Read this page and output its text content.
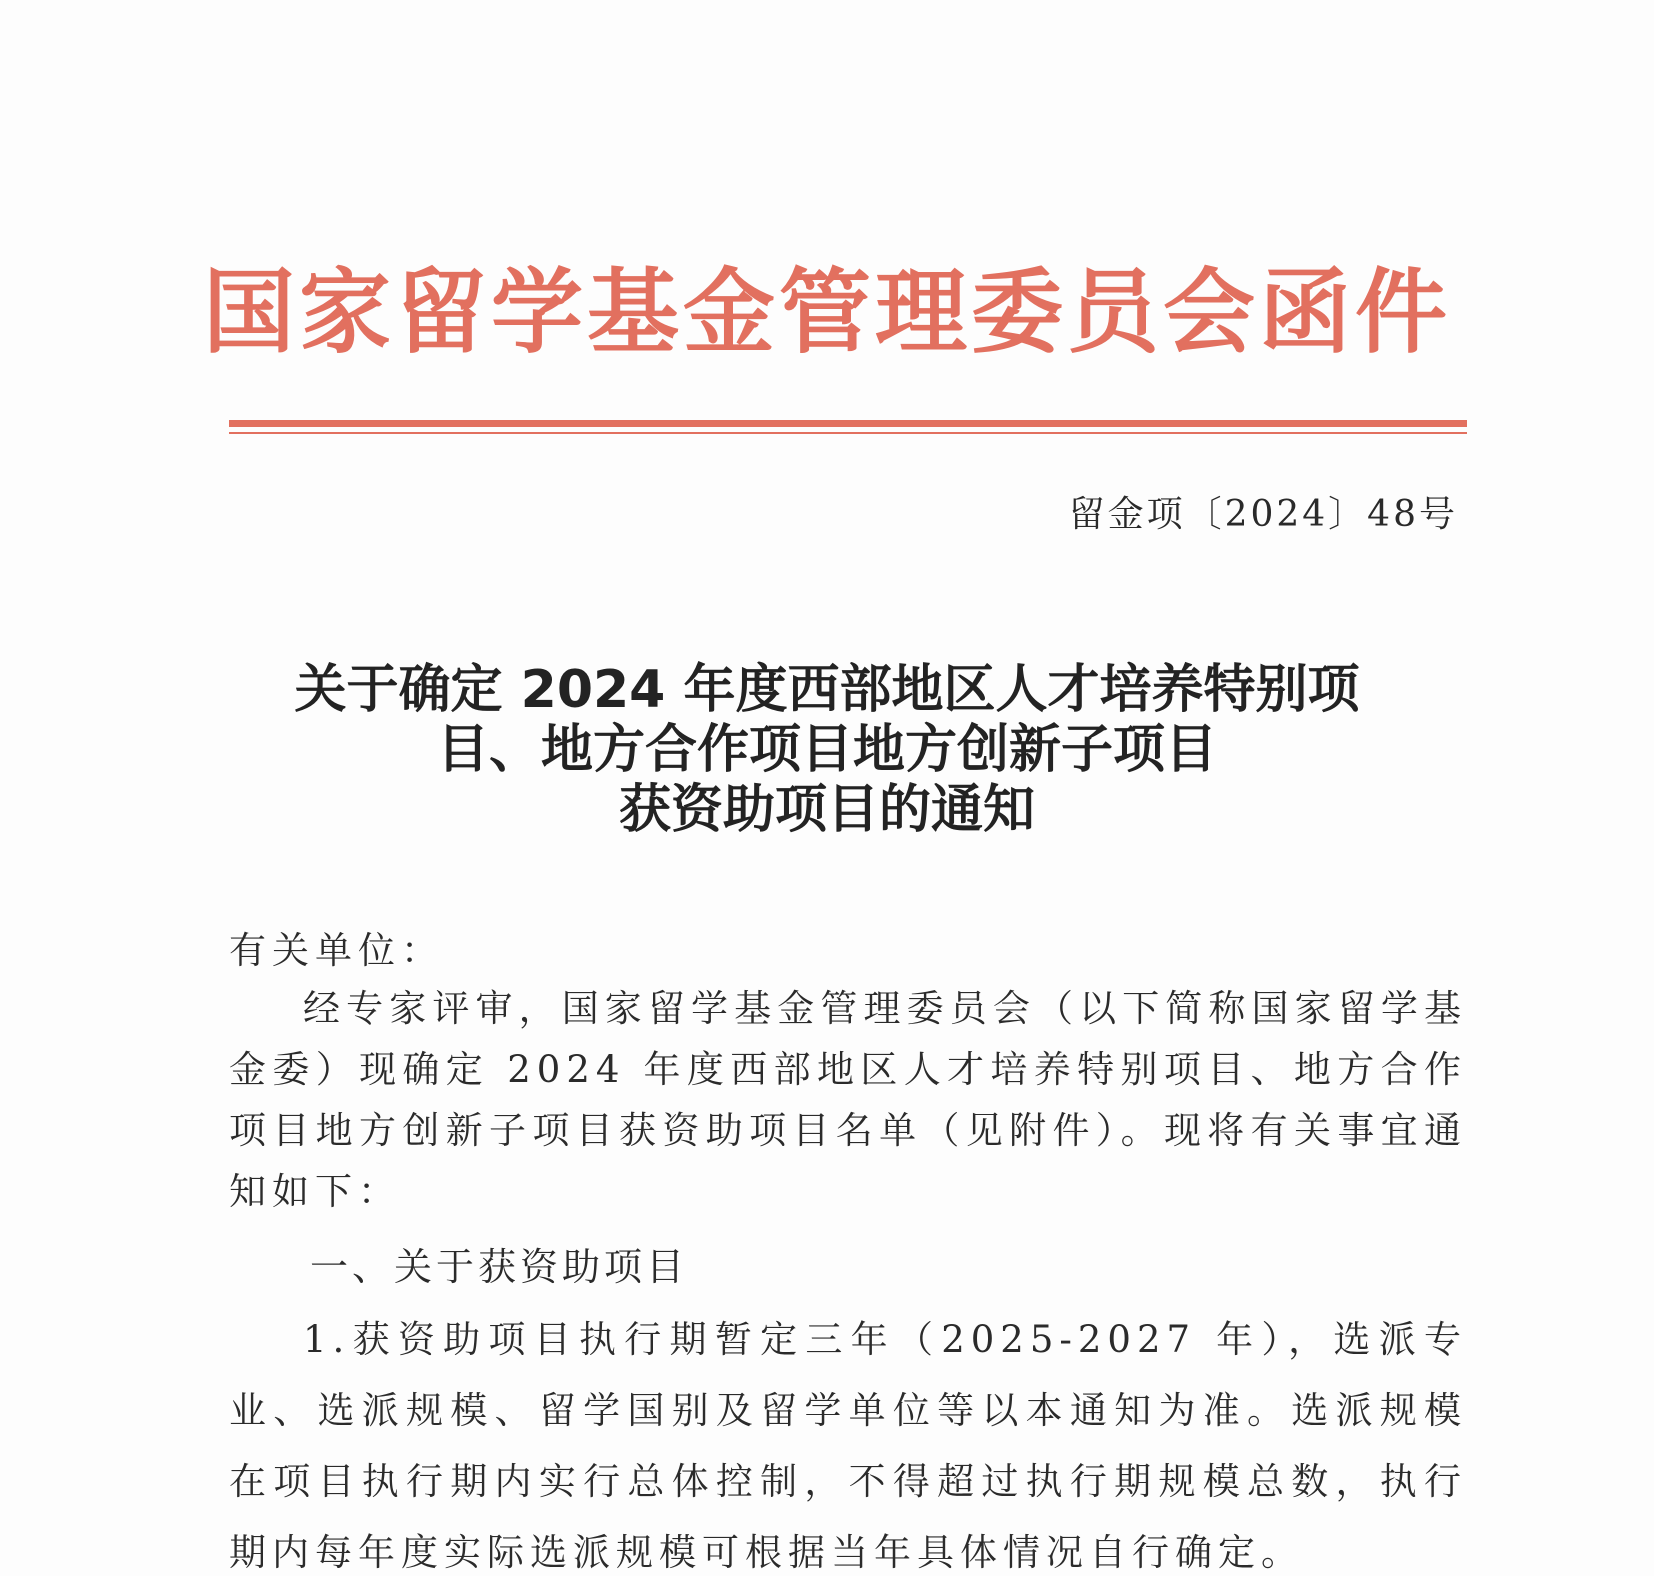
国家留学基金管理委员会函件
留金项〔2024〕48号
关于确定 2024 年度西部地区人才培养特别项
目、地方合作项目地方创新子项目
获资助项目的通知
有关单位：
经专家评审，国家留学基金管理委员会（以下简称国家留学基金委）现确定 2024 年度西部地区人才培养特别项目、地方合作项目地方创新子项目获资助项目名单（见附件）。现将有关事宜通知如下：
一、关于获资助项目
1.获资助项目执行期暂定三年（2025-2027 年），选派专业、选派规模、留学国别及留学单位等以本通知为准。选派规模在项目执行期内实行总体控制，不得超过执行期规模总数，执行期内每年度实际选派规模可根据当年具体情况自行确定。
